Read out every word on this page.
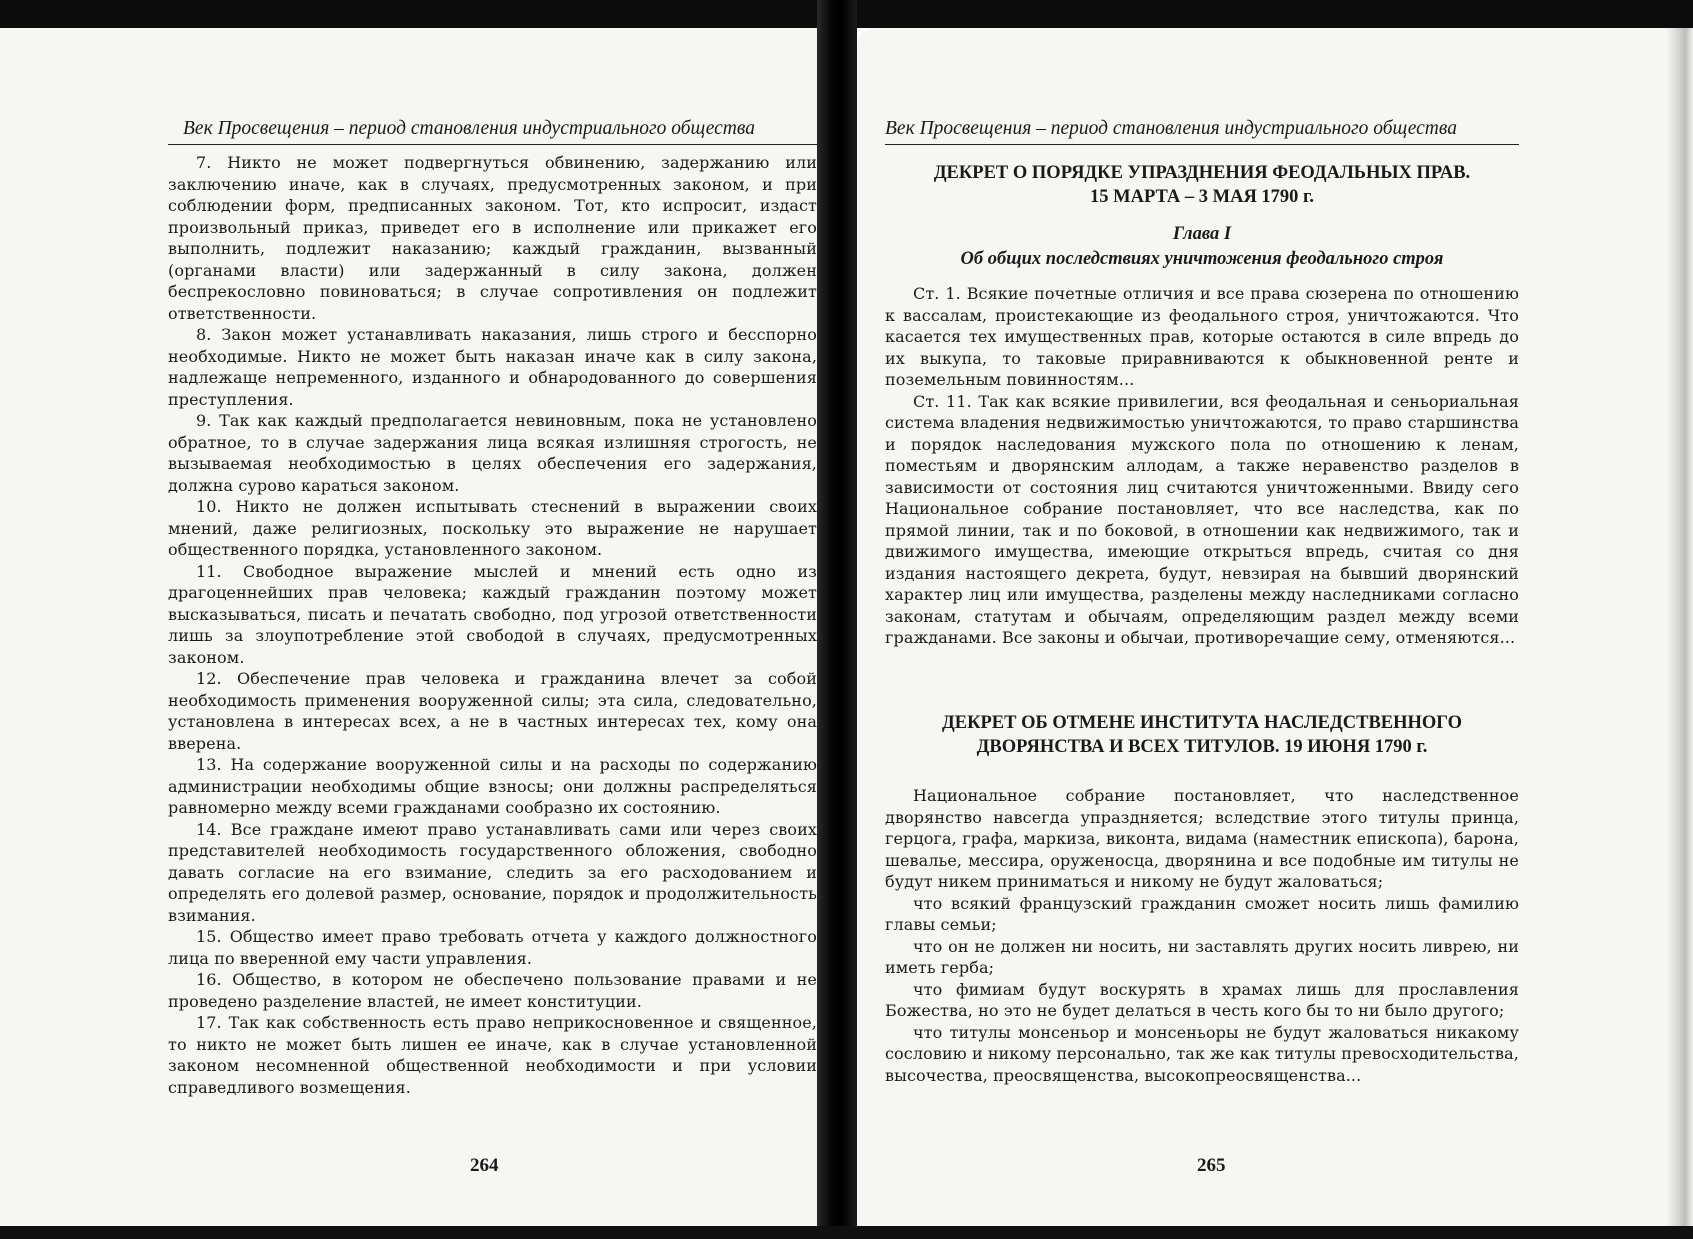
Век Просвещения – период становления индустриального общества

7. Никто не может подвергнуться обвинению, задержанию или заключению иначе, как в случаях, предусмотренных законом, и при соблюдении форм, предписанных законом. Тот, кто испросит, издаст произвольный приказ, приведет его в исполнение или прикажет его выполнить, подлежит наказанию; каждый гражданин, вызванный (органами власти) или задержанный в силу закона, должен беспрекословно повиноваться; в случае сопротивления он подлежит ответственности.

8. Закон может устанавливать наказания, лишь строго и бесспорно необходимые. Никто не может быть наказан иначе как в силу закона, надлежаще непременного, изданного и обнародованного до совершения преступления.

9. Так как каждый предполагается невиновным, пока не установлено обратное, то в случае задержания лица всякая излишняя строгость, не вызываемая необходимостью в целях обеспечения его задержания, должна сурово караться законом.

10. Никто не должен испытывать стеснений в выражении своих мнений, даже религиозных, поскольку это выражение не нарушает общественного порядка, установленного законом.

11. Свободное выражение мыслей и мнений есть одно из драгоценнейших прав человека; каждый гражданин поэтому может высказываться, писать и печатать свободно, под угрозой ответственности лишь за злоупотребление этой свободой в случаях, предусмотренных законом.

12. Обеспечение прав человека и гражданина влечет за собой необходимость применения вооруженной силы; эта сила, следовательно, установлена в интересах всех, а не в частных интересах тех, кому она вверена.

13. На содержание вооруженной силы и на расходы по содержанию администрации необходимы общие взносы; они должны распределяться равномерно между всеми гражданами сообразно их состоянию.

14. Все граждане имеют право устанавливать сами или через своих представителей необходимость государственного обложения, свободно давать согласие на его взимание, следить за его расходованием и определять его долевой размер, основание, порядок и продолжительность взимания.

15. Общество имеет право требовать отчета у каждого должностного лица по вверенной ему части управления.

16. Общество, в котором не обеспечено пользование правами и не проведено разделение властей, не имеет конституции.

17. Так как собственность есть право неприкосновенное и священное, то никто не может быть лишен ее иначе, как в случае установленной законом несомненной общественной необходимости и при условии справедливого возмещения.

264
Век Просвещения – период становления индустриального общества
ДЕКРЕТ О ПОРЯДКЕ УПРАЗДНЕНИЯ ФЕОДАЛЬНЫХ ПРАВ.
15 МАРТА – 3 МАЯ 1790 г.
Глава I
Об общих последствиях уничтожения феодального строя

Ст. 1. Всякие почетные отличия и все права сюзерена по отношению к вассалам, проистекающие из феодального строя, уничтожаются. Что касается тех имущественных прав, которые остаются в силе впредь до их выкупа, то таковые приравниваются к обыкновенной ренте и поземельным повинностям...

Ст. 11. Так как всякие привилегии, вся феодальная и сеньориальная система владения недвижимостью уничтожаются, то право старшинства и порядок наследования мужского пола по отношению к ленам, поместьям и дворянским аллодам, а также неравенство разделов в зависимости от состояния лиц считаются уничтоженными. Ввиду сего Национальное собрание постановляет, что все наследства, как по прямой линии, так и по боковой, в отношении как недвижимого, так и движимого имущества, имеющие открыться впредь, считая со дня издания настоящего декрета, будут, невзирая на бывший дворянский характер лиц или имущества, разделены между наследниками согласно законам, статутам и обычаям, определяющим раздел между всеми гражданами. Все законы и обычаи, противоречащие сему, отменяются...

ДЕКРЕТ ОБ ОТМЕНЕ ИНСТИТУТА НАСЛЕДСТВЕННОГО
ДВОРЯНСТВА И ВСЕХ ТИТУЛОВ. 19 ИЮНЯ 1790 г.

Национальное собрание постановляет, что наследственное дворянство навсегда упраздняется; вследствие этого титулы принца, герцога, графа, маркиза, виконта, видама (наместник епископа), барона, шевалье, мессира, оруженосца, дворянина и все подобные им титулы не будут никем приниматься и никому не будут жаловаться;

что всякий французский гражданин сможет носить лишь фамилию главы семьи;

что он не должен ни носить, ни заставлять других носить ливрею, ни иметь герба;

что фимиам будут воскурять в храмах лишь для прославления Божества, но это не будет делаться в честь кого бы то ни было другого;

что титулы монсеньор и монсеньоры не будут жаловаться никакому сословию и никому персонально, так же как титулы превосходительства, высочества, преосвященства, высокопреосвященства...

265
